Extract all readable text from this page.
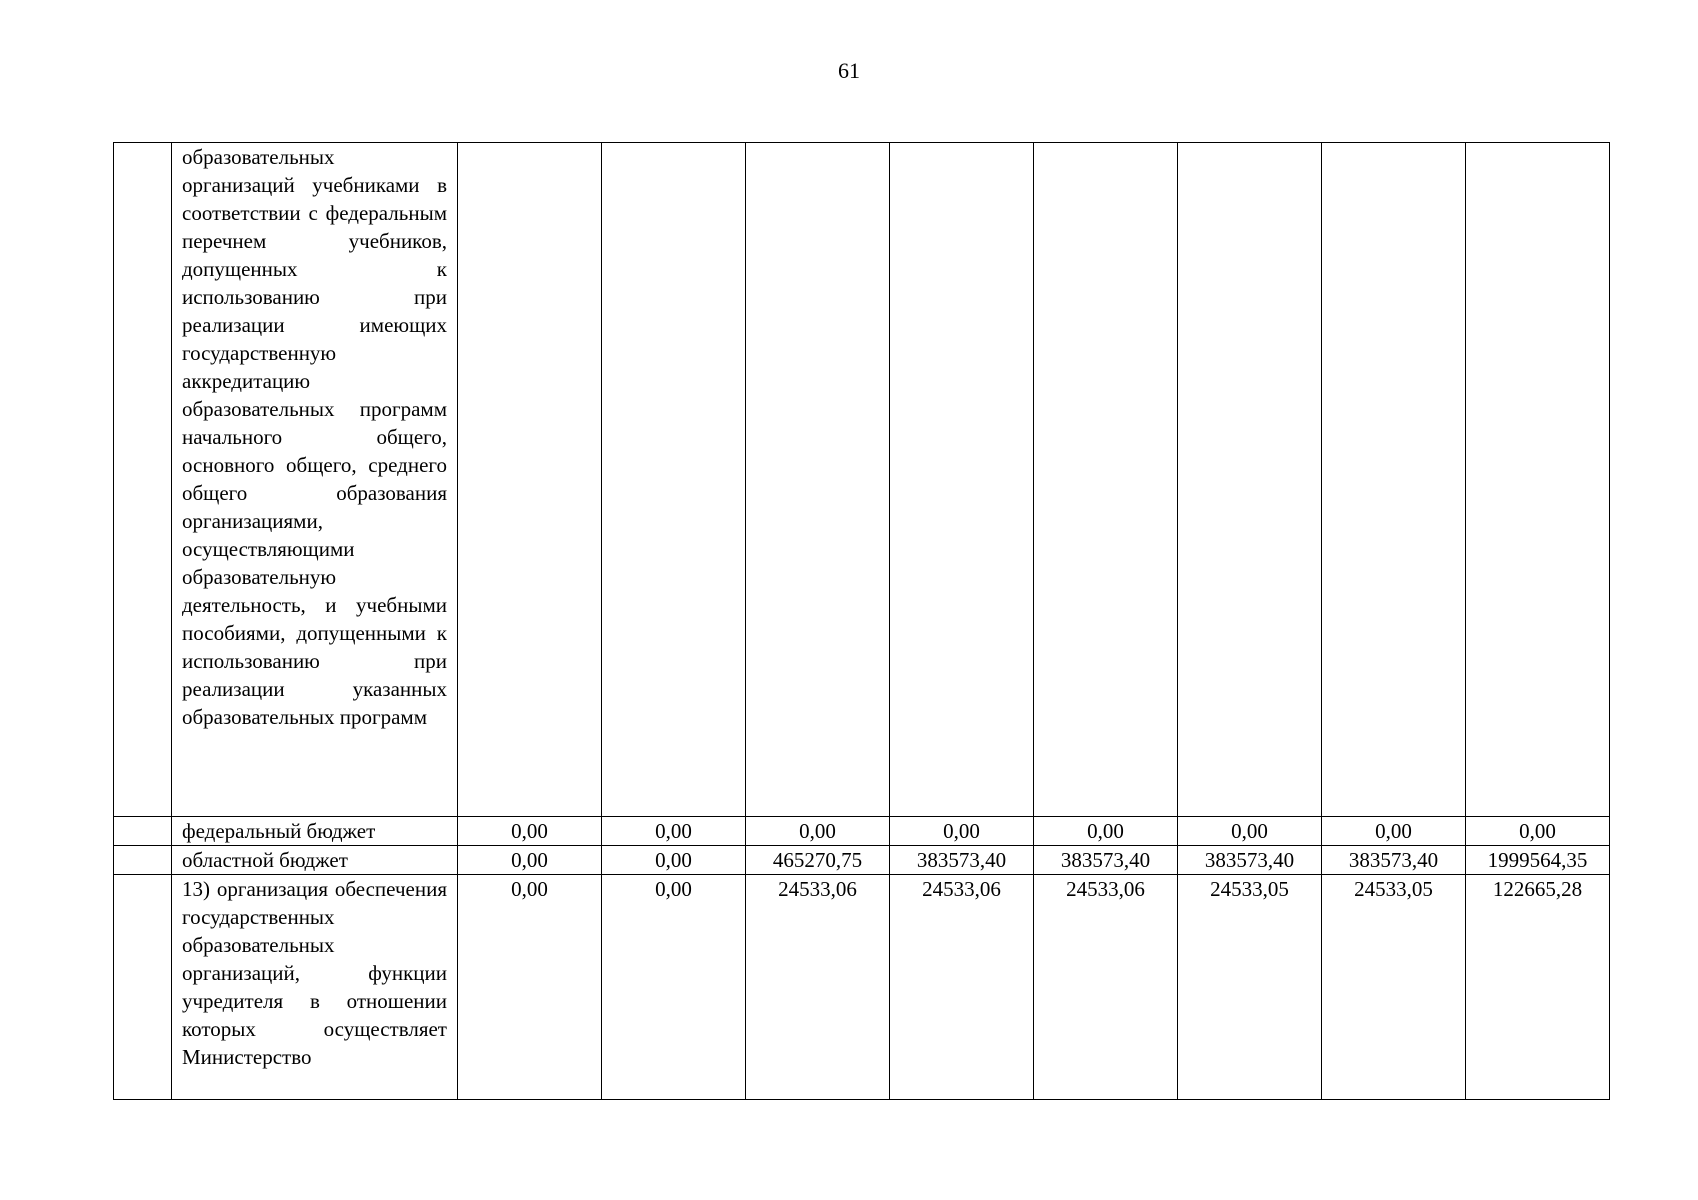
61
	образовательных организаций учебниками в соответствии с федеральным перечнем учебников, допущенных к использованию при реализации имеющих государственную аккредитацию образовательных программ начального общего, основного общего, среднего общего образования организациями, осуществляющими образовательную деятельность, и учебными пособиями, допущенными к использованию при реализации указанных образовательных программ								
	федеральный бюджет	0,00	0,00	0,00	0,00	0,00	0,00	0,00	0,00
	областной бюджет	0,00	0,00	465270,75	383573,40	383573,40	383573,40	383573,40	1999564,35
	13) организация обеспечения государственных образовательных организаций, функции учредителя в отношении которых осуществляет Министерство	0,00	0,00	24533,06	24533,06	24533,06	24533,05	24533,05	122665,28
